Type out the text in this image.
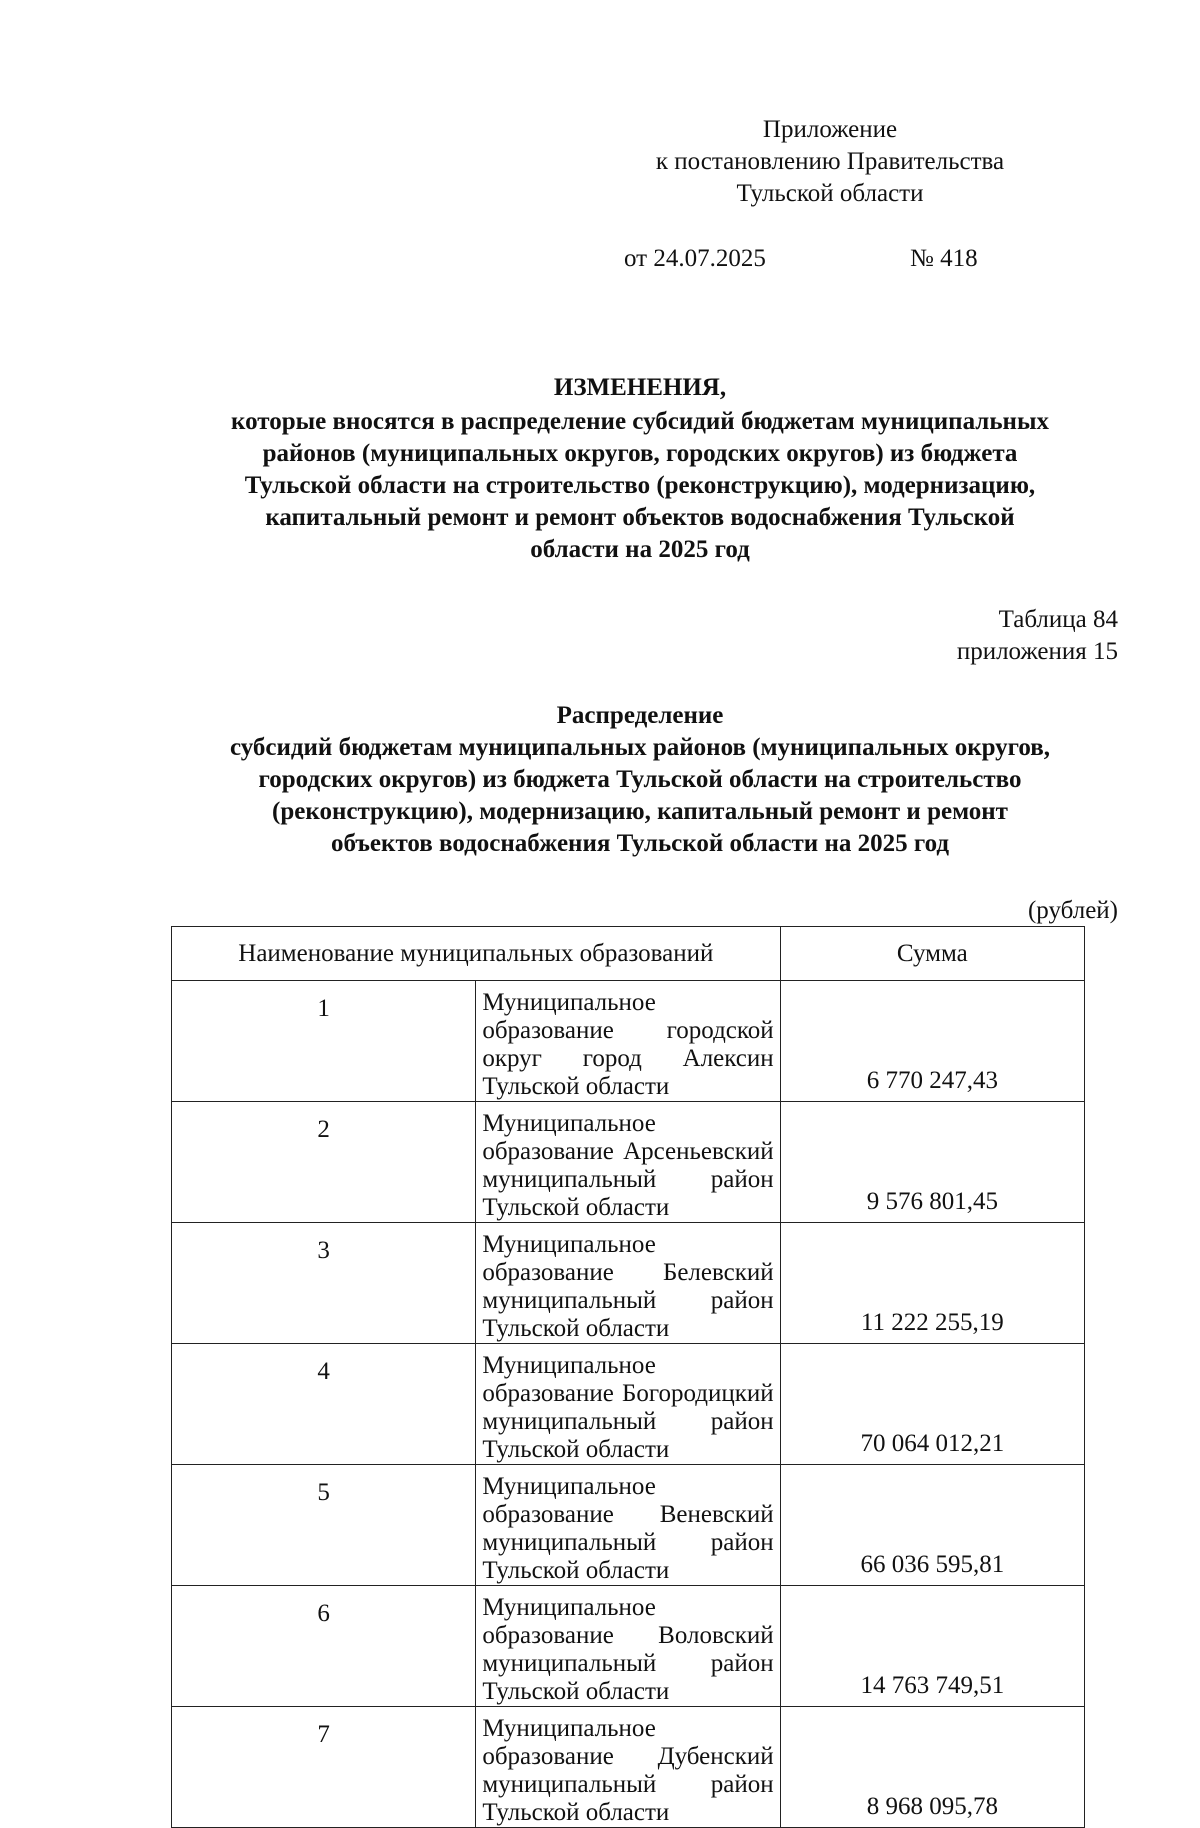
Приложение
к постановлению Правительства
Тульской области
от 24.07.2025	№ 418
ИЗМЕНЕНИЯ,
которые вносятся в распределение субсидий бюджетам муниципальных
районов (муниципальных округов, городских округов) из бюджета
Тульской области на строительство (реконструкцию), модернизацию,
капитальный ремонт и ремонт объектов водоснабжения Тульской
области на 2025 год
Таблица 84
приложения 15
Распределение
субсидий бюджетам муниципальных районов (муниципальных округов,
городских округов) из бюджета Тульской области на строительство
(реконструкцию), модернизацию, капитальный ремонт и ремонт
объектов водоснабжения Тульской области на 2025 год
(рублей)
Наименование муниципальных образований		Сумма

1	Муниципальное образование городской округ город Алексин Тульской области	6 770 247,43

2	Муниципальное образование Арсеньевский муниципальный район Тульской области	9 576 801,45

3	Муниципальное образование Белевский муниципальный район Тульской области	11 222 255,19

4	Муниципальное образование Богородицкий муниципальный район Тульской области	70 064 012,21

5	Муниципальное образование Веневский муниципальный район Тульской области	66 036 595,81

6	Муниципальное образование Воловский муниципальный район Тульской области	14 763 749,51

7	Муниципальное образование Дубенский муниципальный район Тульской области	8 968 095,78
